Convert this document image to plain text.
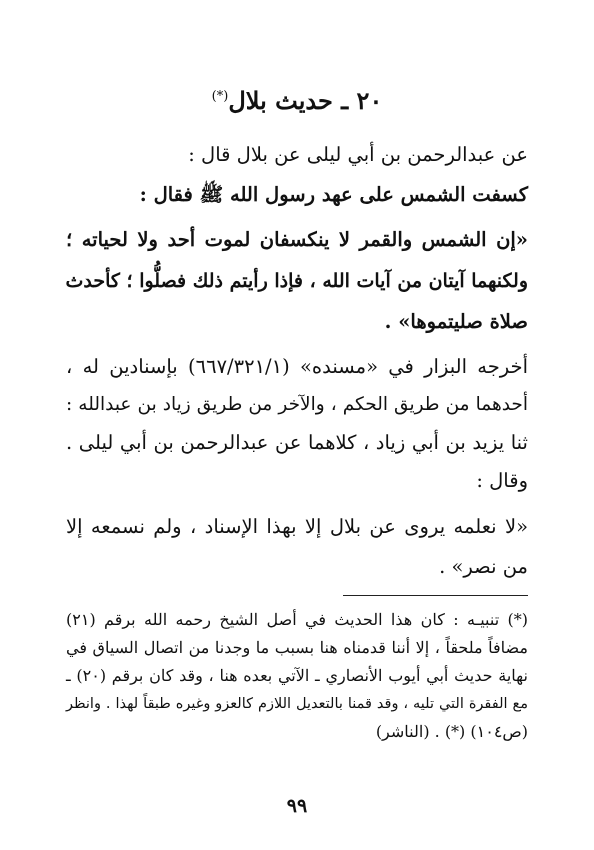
٢٠ ـ حديث بلال(*)
عن عبدالرحمن بن أبي ليلى عن بلال قال :
كسفت الشمس على عهد رسول الله ﷺ فقال :
«إن الشمس والقمر لا ينكسفان لموت أحد ولا لحياته ؛
ولكنهما آيتان من آيات الله ، فإذا رأيتم ذلك فصلُّوا ؛ كأحدث
صلاة صليتموها» .
أخرجه البزار في «مسنده» (٦٦٧/٣٢١/١) بإسنادين له ،
أحدهما من طريق الحكم ، والآخر من طريق زياد بن عبدالله :
ثنا يزيد بن أبي زياد ، كلاهما عن عبدالرحمن بن أبي ليلى .
وقال :
«لا نعلمه يروى عن بلال إلا بهذا الإسناد ، ولم نسمعه إلا
من نصر» .
(*) تنبيـه : كان هذا الحديث في أصل الشيخ رحمه الله برقم (٢١)
مضافاً ملحقاً ، إلا أننا قدمناه هنا بسبب ما وجدنا من اتصال السياق في
نهاية حديث أبي أيوب الأنصاري ـ الآتي بعده هنا ، وقد كان برقم (٢٠) ـ
مع الفقرة التي تليه ، وقد قمنا بالتعديل اللازم كالعزو وغيره طبقاً لهذا . وانظر
(ص١٠٤) (*) . (الناشر)
٩٩
